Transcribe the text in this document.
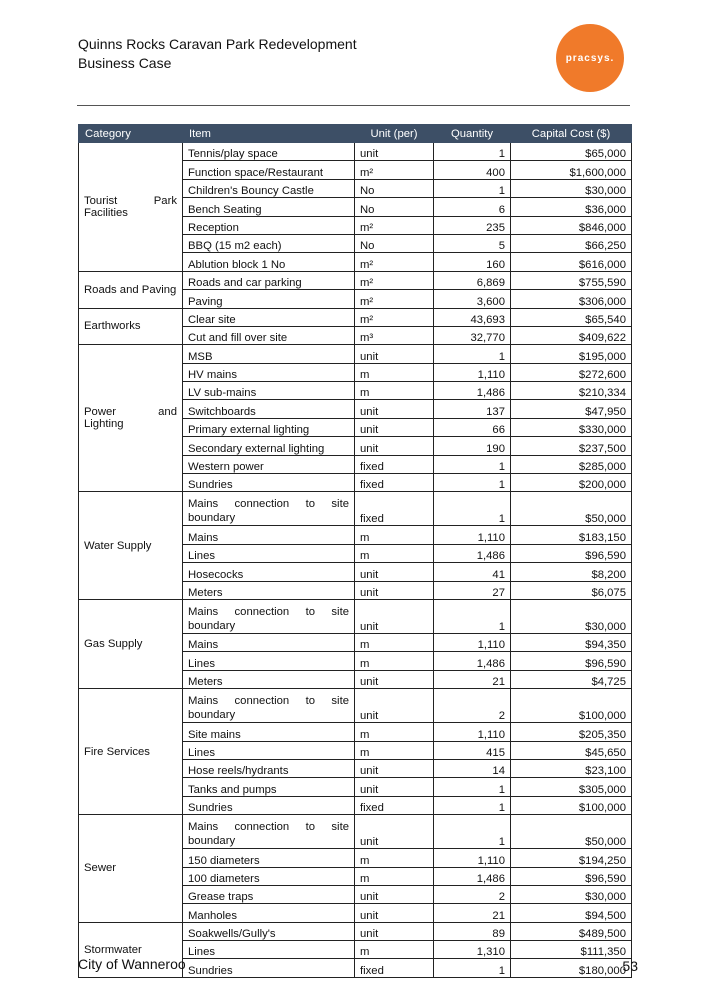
Quinns Rocks Caravan Park Redevelopment
Business Case	pracsys.
Category	Item	Unit (per)	Quantity	Capital Cost ($)
Tourist Park Facilities	Tennis/play space	unit	1	$65,000
	Function space/Restaurant	m²	400	$1,600,000
	Children's Bouncy Castle	No	1	$30,000
	Bench Seating	No	6	$36,000
	Reception	m²	235	$846,000
	BBQ (15 m2 each)	No	5	$66,250
	Ablution block 1 No	m²	160	$616,000
Roads and Paving	Roads and car parking	m²	6,869	$755,590
	Paving	m²	3,600	$306,000
Earthworks	Clear site	m²	43,693	$65,540
	Cut and fill over site	m³	32,770	$409,622
Power and Lighting	MSB	unit	1	$195,000
	HV mains	m	1,110	$272,600
	LV sub-mains	m	1,486	$210,334
	Switchboards	unit	137	$47,950
	Primary external lighting	unit	66	$330,000
	Secondary external lighting	unit	190	$237,500
	Western power	fixed	1	$285,000
	Sundries	fixed	1	$200,000
Water Supply	Mains connection to site boundary	fixed	1	$50,000
	Mains	m	1,110	$183,150
	Lines	m	1,486	$96,590
	Hosecocks	unit	41	$8,200
	Meters	unit	27	$6,075
Gas Supply	Mains connection to site boundary	unit	1	$30,000
	Mains	m	1,110	$94,350
	Lines	m	1,486	$96,590
	Meters	unit	21	$4,725
Fire Services	Mains connection to site boundary	unit	2	$100,000
	Site mains	m	1,110	$205,350
	Lines	m	415	$45,650
	Hose reels/hydrants	unit	14	$23,100
	Tanks and pumps	unit	1	$305,000
	Sundries	fixed	1	$100,000
Sewer	Mains connection to site boundary	unit	1	$50,000
	150 diameters	m	1,110	$194,250
	100 diameters	m	1,486	$96,590
	Grease traps	unit	2	$30,000
	Manholes	unit	21	$94,500
Stormwater	Soakwells/Gully's	unit	89	$489,500
	Lines	m	1,310	$111,350
	Sundries	fixed	1	$180,000
City of Wanneroo	53
